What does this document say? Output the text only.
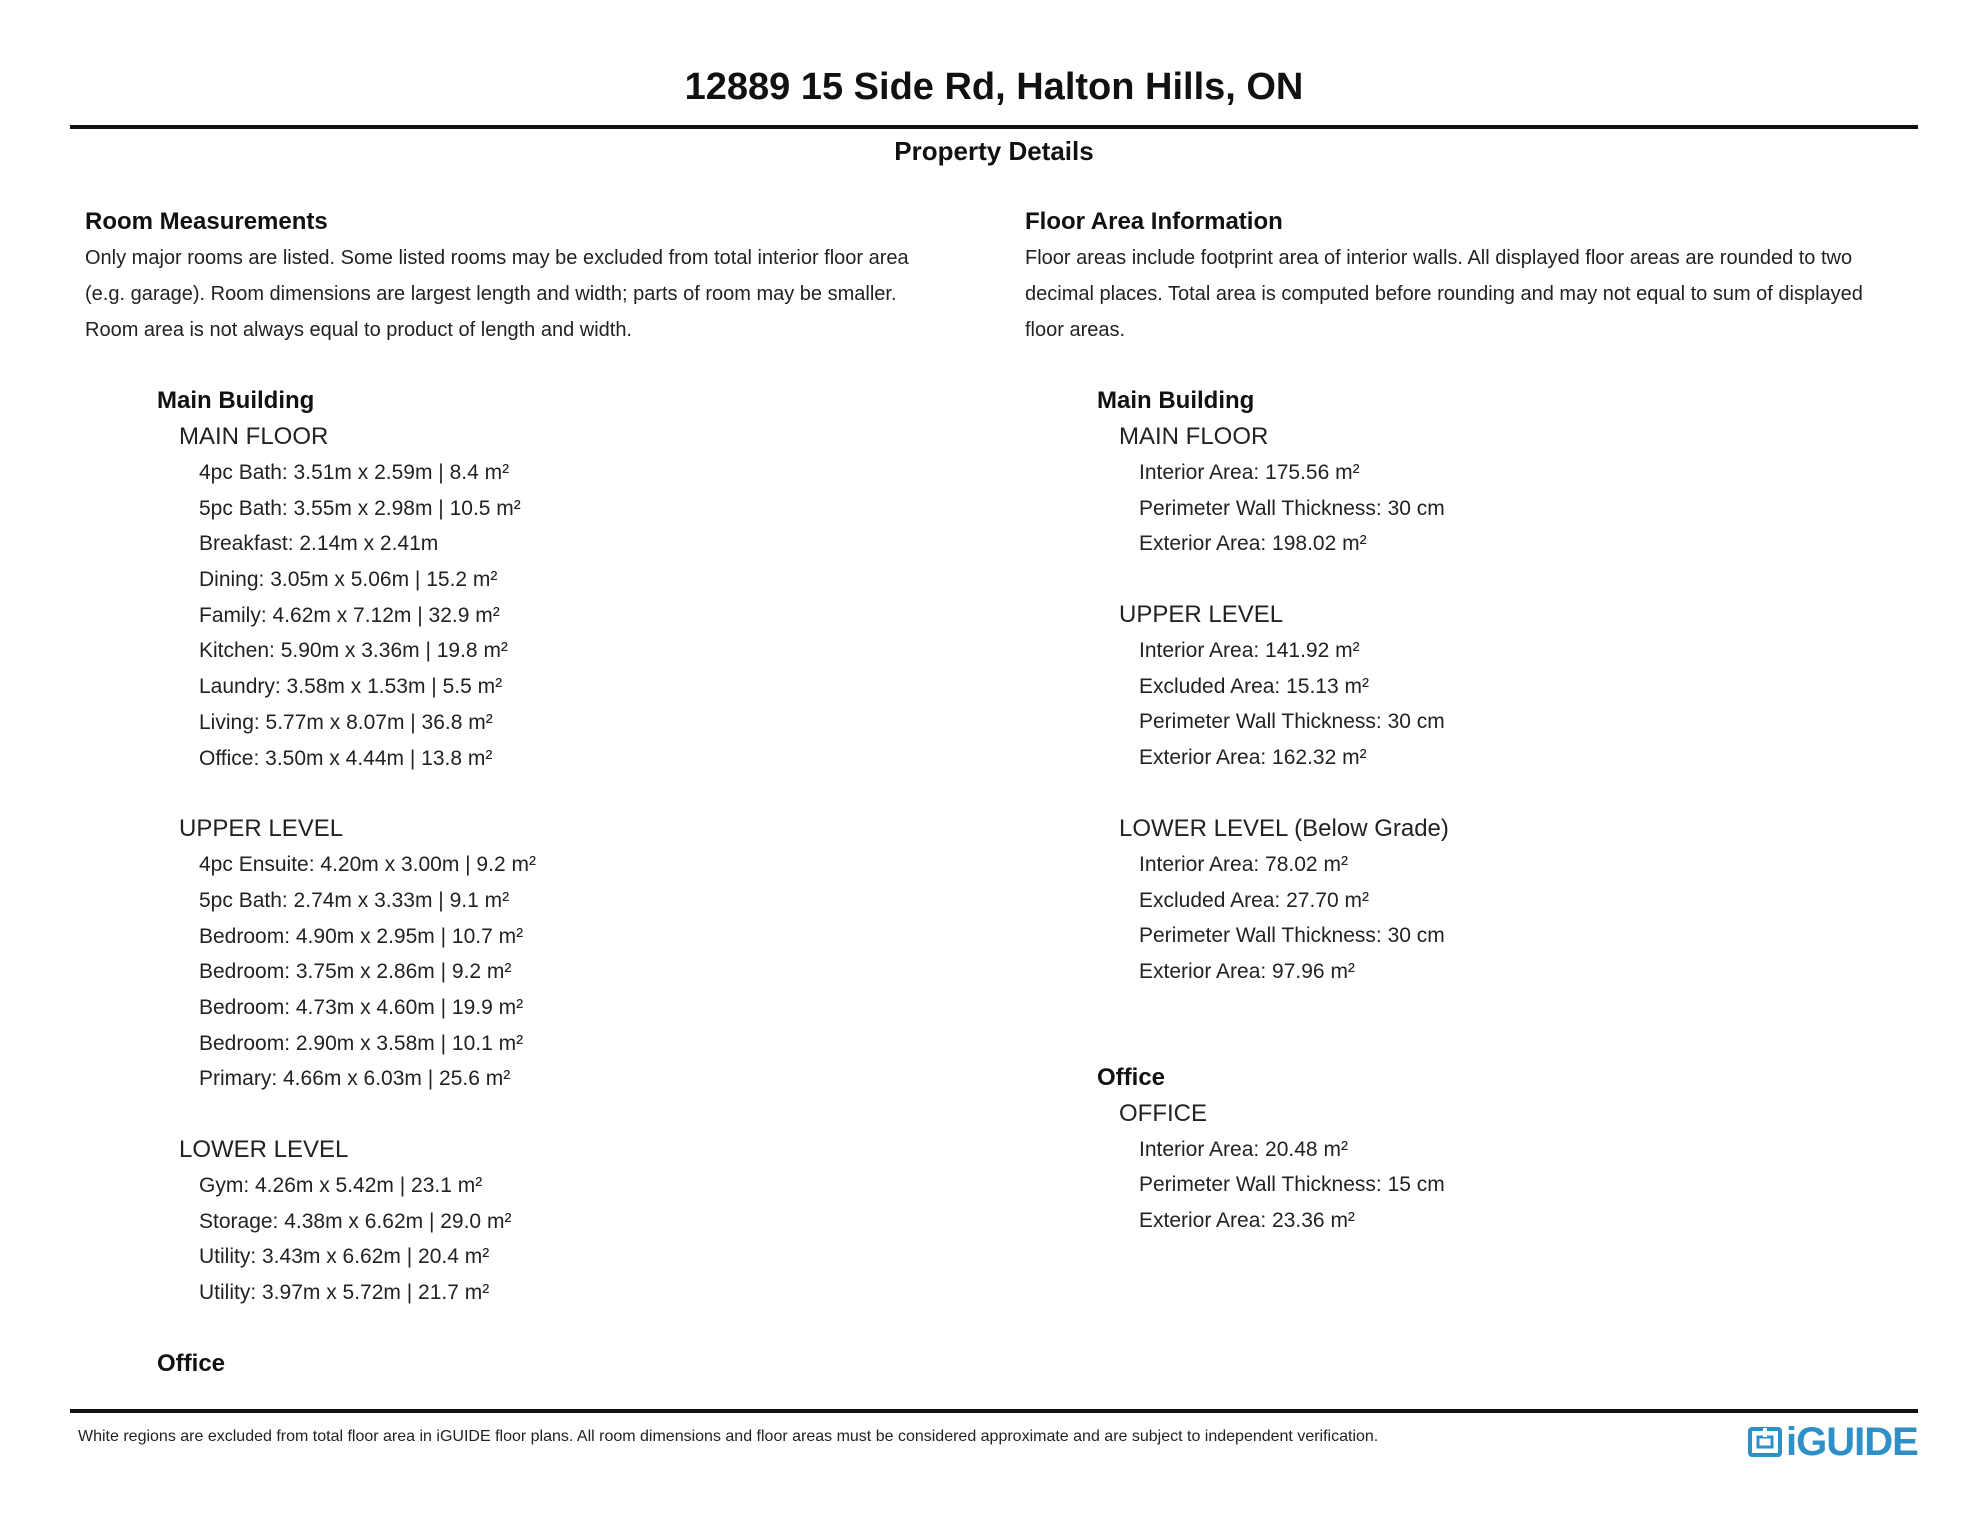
12889 15 Side Rd, Halton Hills, ON
Property Details
Room Measurements
Only major rooms are listed. Some listed rooms may be excluded from total interior floor area
(e.g. garage). Room dimensions are largest length and width; parts of room may be smaller.
Room area is not always equal to product of length and width.
Main Building
MAIN FLOOR
4pc Bath: 3.51m x 2.59m | 8.4 m²
5pc Bath: 3.55m x 2.98m | 10.5 m²
Breakfast: 2.14m x 2.41m
Dining: 3.05m x 5.06m | 15.2 m²
Family: 4.62m x 7.12m | 32.9 m²
Kitchen: 5.90m x 3.36m | 19.8 m²
Laundry: 3.58m x 1.53m | 5.5 m²
Living: 5.77m x 8.07m | 36.8 m²
Office: 3.50m x 4.44m | 13.8 m²
UPPER LEVEL
4pc Ensuite: 4.20m x 3.00m | 9.2 m²
5pc Bath: 2.74m x 3.33m | 9.1 m²
Bedroom: 4.90m x 2.95m | 10.7 m²
Bedroom: 3.75m x 2.86m | 9.2 m²
Bedroom: 4.73m x 4.60m | 19.9 m²
Bedroom: 2.90m x 3.58m | 10.1 m²
Primary: 4.66m x 6.03m | 25.6 m²
LOWER LEVEL
Gym: 4.26m x 5.42m | 23.1 m²
Storage: 4.38m x 6.62m | 29.0 m²
Utility: 3.43m x 6.62m | 20.4 m²
Utility: 3.97m x 5.72m | 21.7 m²
Office
Floor Area Information
Floor areas include footprint area of interior walls. All displayed floor areas are rounded to two
decimal places. Total area is computed before rounding and may not equal to sum of displayed
floor areas.
Main Building
MAIN FLOOR
Interior Area: 175.56 m²
Perimeter Wall Thickness: 30 cm
Exterior Area: 198.02 m²
UPPER LEVEL
Interior Area: 141.92 m²
Excluded Area: 15.13 m²
Perimeter Wall Thickness: 30 cm
Exterior Area: 162.32 m²
LOWER LEVEL (Below Grade)
Interior Area: 78.02 m²
Excluded Area: 27.70 m²
Perimeter Wall Thickness: 30 cm
Exterior Area: 97.96 m²
Office
OFFICE
Interior Area: 20.48 m²
Perimeter Wall Thickness: 15 cm
Exterior Area: 23.36 m²
White regions are excluded from total floor area in iGUIDE floor plans. All room dimensions and floor areas must be considered approximate and are subject to independent verification.	iGUIDE
